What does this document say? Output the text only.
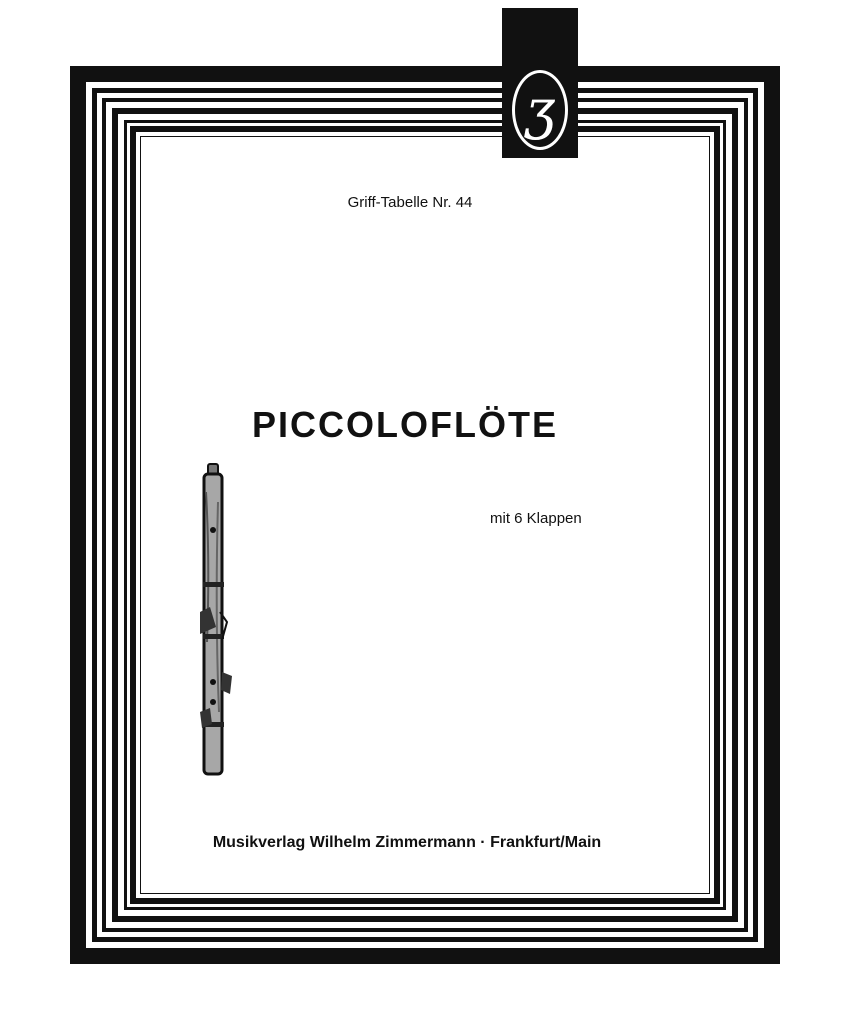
ʒ
Griff-Tabelle Nr. 44
PICCOLOFLÖTE
mit 6 Klappen
Musikverlag Wilhelm Zimmermann · Frankfurt/Main
